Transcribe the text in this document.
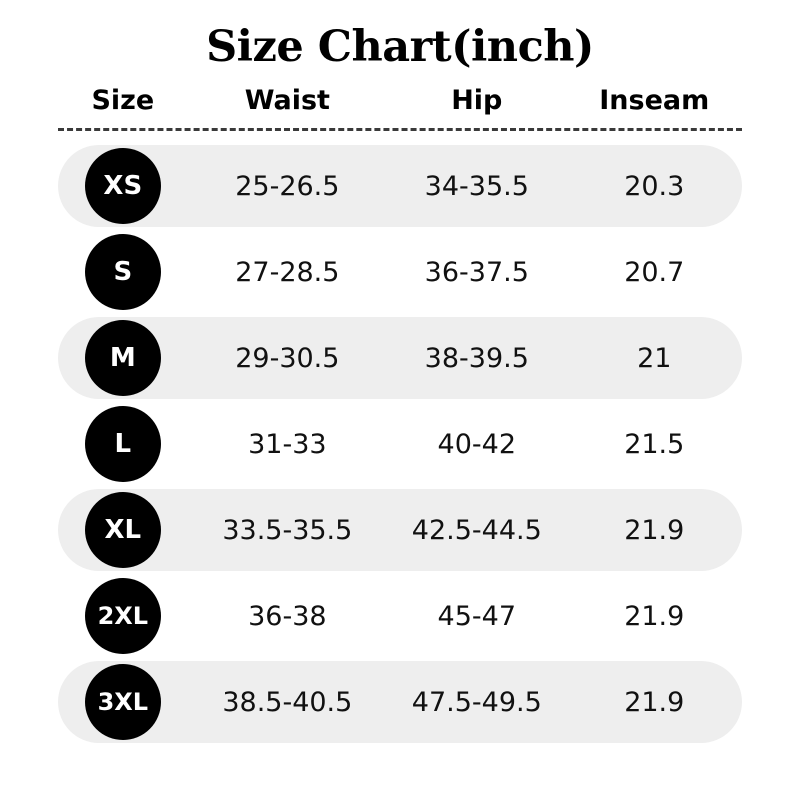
Size Chart(inch)
Size	Waist	Hip	Inseam
XS	25-26.5	34-35.5	20.3
S	27-28.5	36-37.5	20.7
M	29-30.5	38-39.5	21
L	31-33	40-42	21.5
XL	33.5-35.5	42.5-44.5	21.9
2XL	36-38	45-47	21.9
3XL	38.5-40.5	47.5-49.5	21.9
